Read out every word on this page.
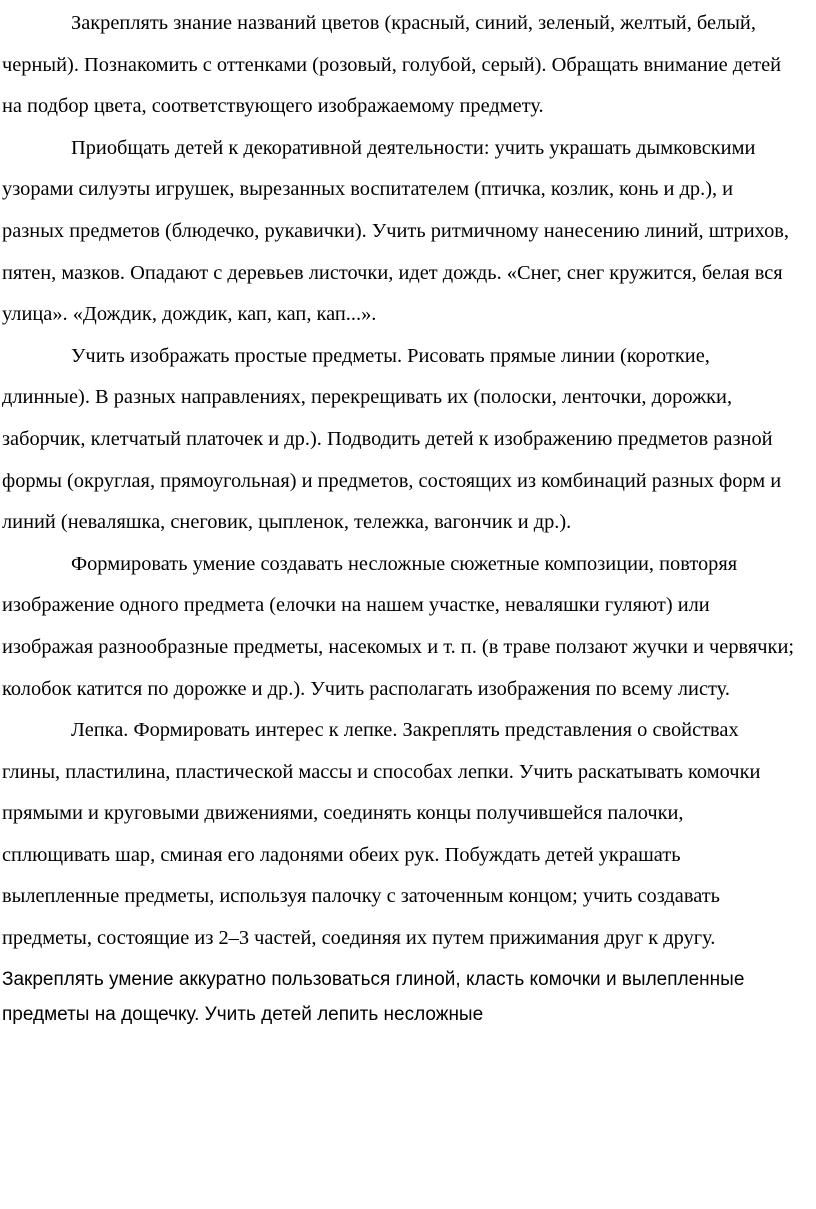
Закреплять знание названий цветов (красный, синий, зеленый, желтый, белый, черный). Познакомить с оттенками (розовый, голубой, серый). Обращать внимание детей на подбор цвета, соответствующего изображаемому предмету.

Приобщать детей к декоративной деятельности: учить украшать дымковскими узорами силуэты игрушек, вырезанных воспитателем (птичка, козлик, конь и др.), и разных предметов (блюдечко, рукавички). Учить ритмичному нанесению линий, штрихов, пятен, мазков. Опадают с деревьев листочки, идет дождь. «Снег, снег кружится, белая вся улица». «Дождик, дождик, кап, кап, кап...».

Учить изображать простые предметы. Рисовать прямые линии (короткие, длинные). В разных направлениях, перекрещивать их (полоски, ленточки, дорожки, заборчик, клетчатый платочек и др.). Подводить детей к изображению предметов разной формы (округлая, прямоугольная) и предметов, состоящих из комбинаций разных форм и линий (неваляшка, снеговик, цыпленок, тележка, вагончик и др.).

Формировать умение создавать несложные сюжетные композиции, повторяя изображение одного предмета (елочки на нашем участке, неваляшки гуляют) или изображая разнообразные предметы, насекомых и т. п. (в траве ползают жучки и червячки; колобок катится по дорожке и др.). Учить располагать изображения по всему листу.

Лепка. Формировать интерес к лепке. Закреплять представления о свойствах глины, пластилина, пластической массы и способах лепки. Учить раскатывать комочки прямыми и круговыми движениями, соединять концы получившейся палочки, сплющивать шар, сминая его ладонями обеих рук. Побуждать детей украшать вылепленные предметы, используя палочку с заточенным концом; учить создавать предметы, состоящие из 2–3 частей, соединяя их путем прижимания друг к другу.

Закреплять умение аккуратно пользоваться глиной, класть комочки и вылепленные предметы на дощечку. Учить детей лепить несложные
